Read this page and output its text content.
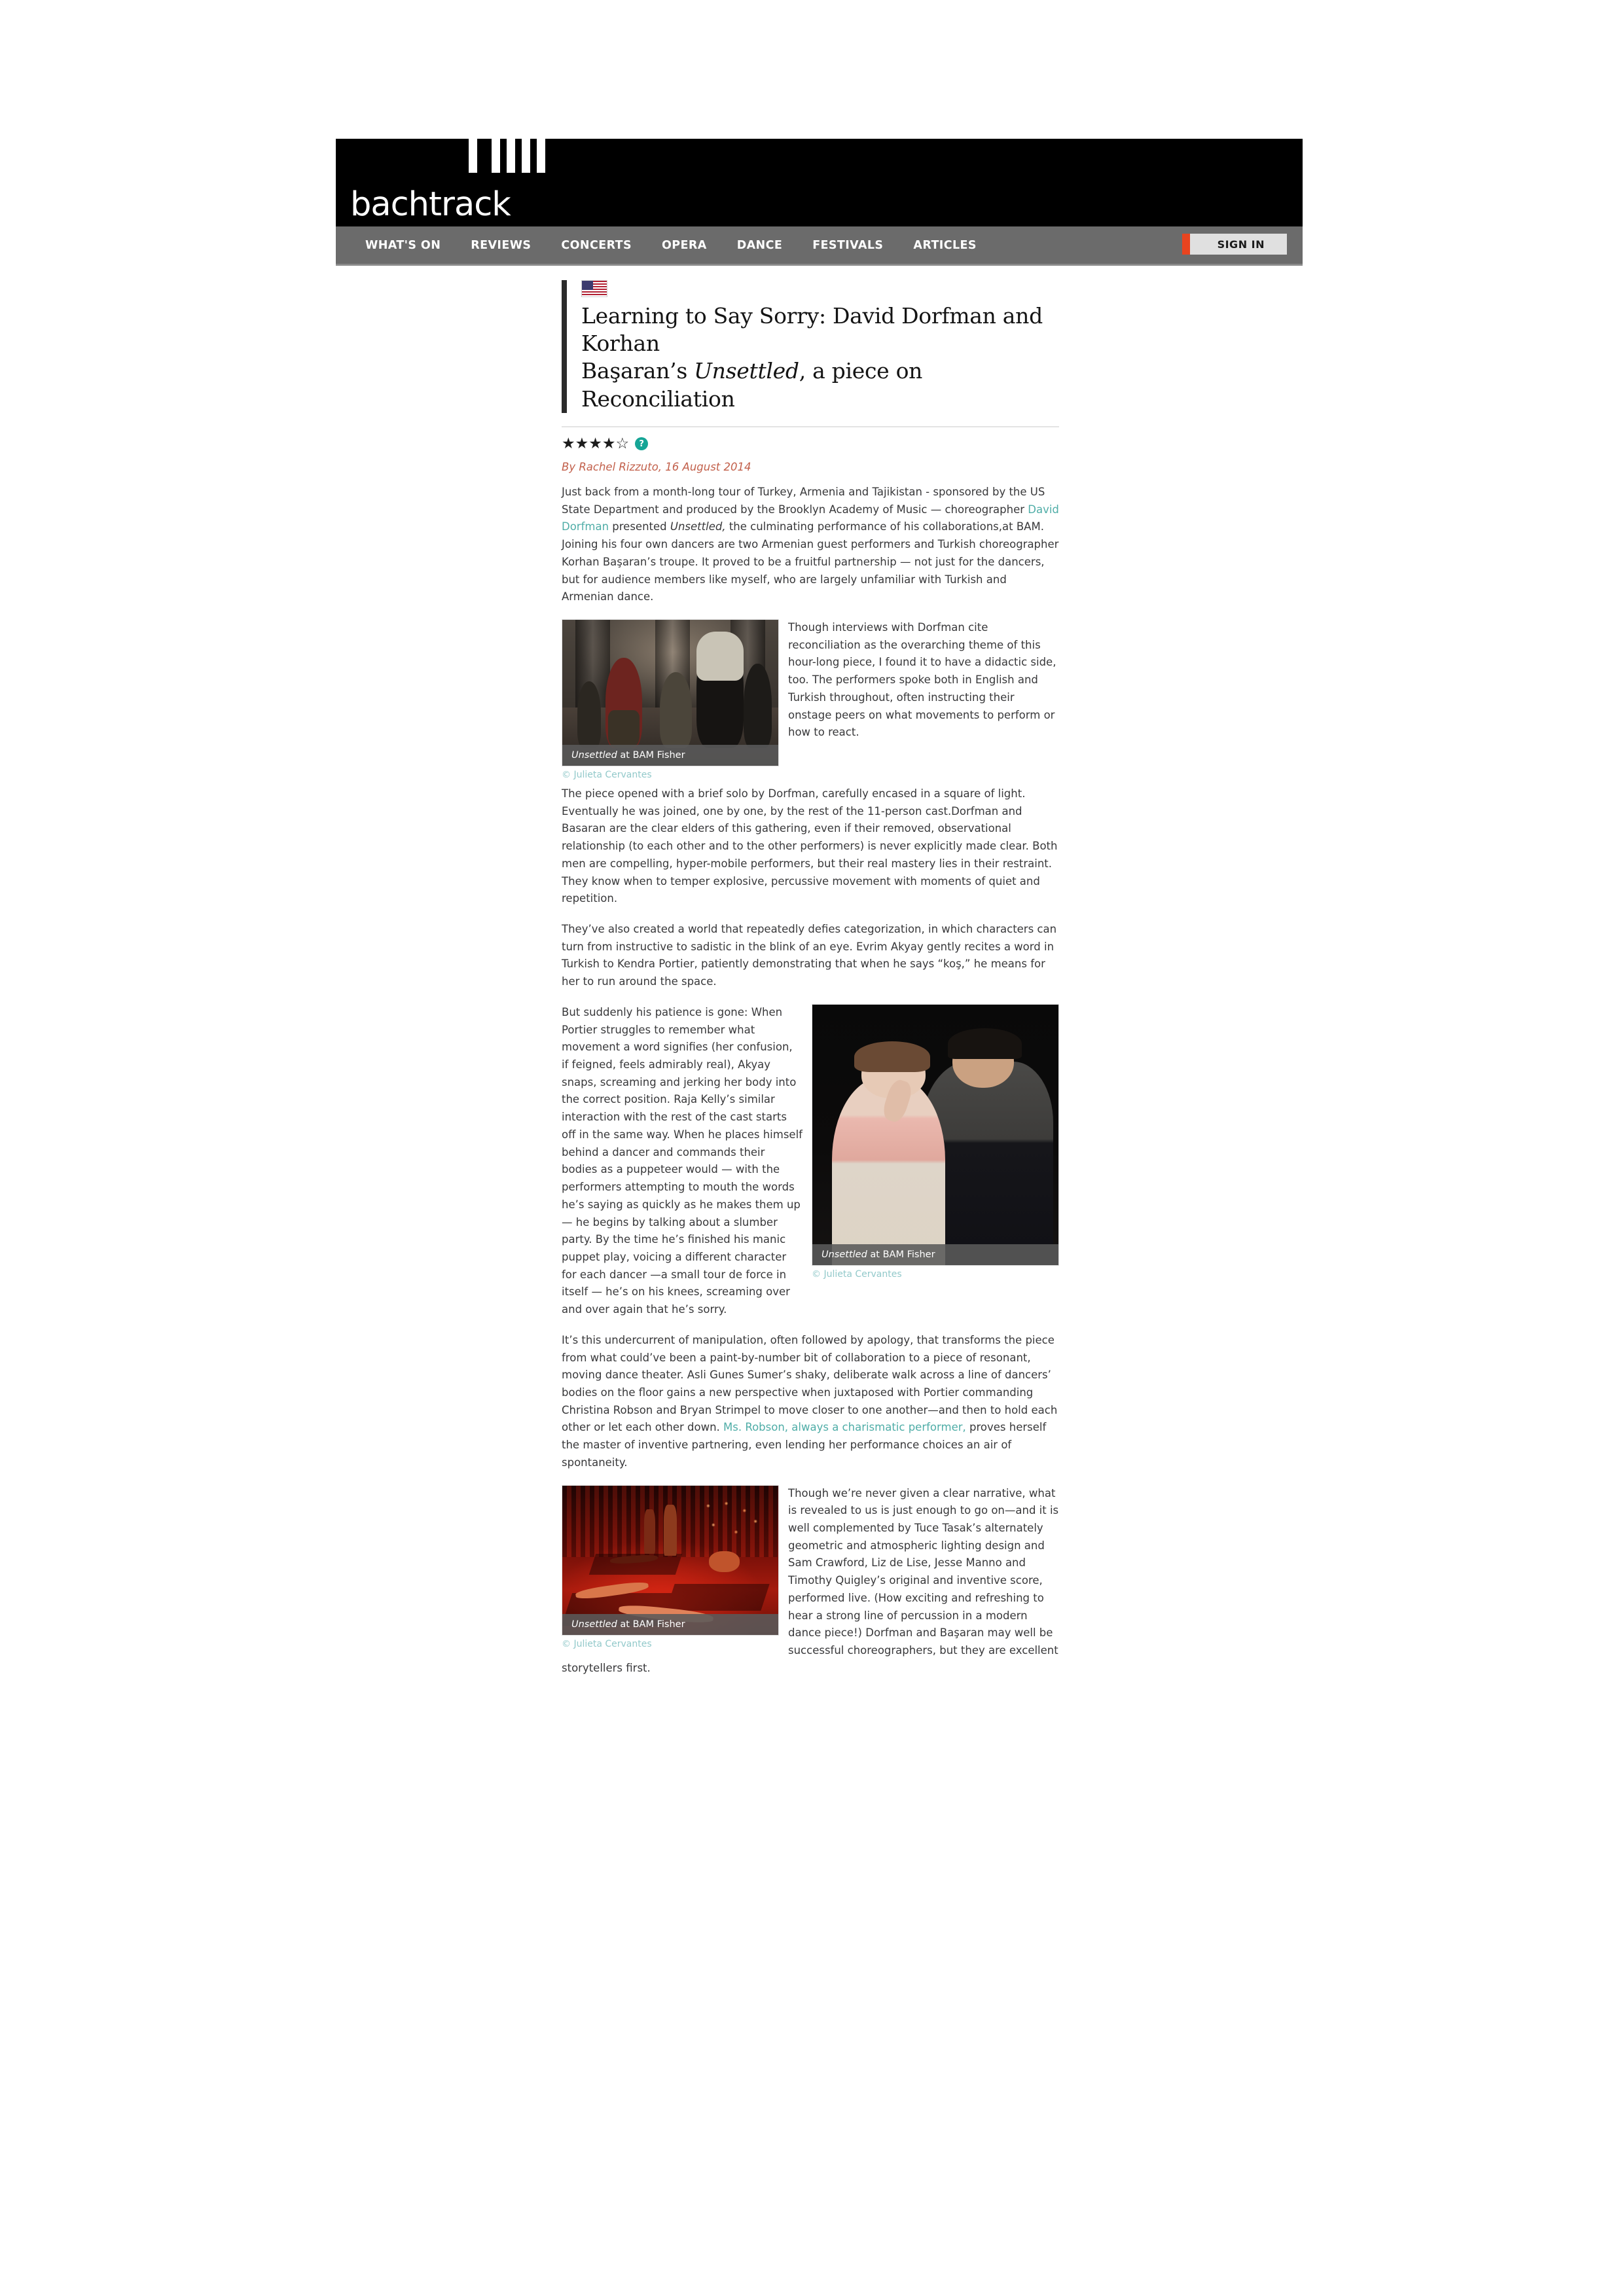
bachtrack
WHAT'S ON	REVIEWS	CONCERTS	OPERA	DANCE	FESTIVALS	ARTICLES	SIGN IN
Learning to Say Sorry: David Dorfman and Korhan
Başaran’s Unsettled, a piece on Reconciliation
★★★★☆	?
By Rachel Rizzuto, 16 August 2014

Just back from a month-long tour of Turkey, Armenia and Tajikistan - sponsored by the US State Department and produced by the Brooklyn Academy of Music — choreographer David Dorfman presented Unsettled, the culminating performance of his collaborations,at BAM. Joining his four own dancers are two Armenian guest performers and Turkish choreographer Korhan Başaran’s troupe. It proved to be a fruitful partnership — not just for the dancers, but for audience members like myself, who are largely unfamiliar with Turkish and Armenian dance.

Unsettled at BAM Fisher
© Julieta Cervantes

Though interviews with Dorfman cite reconciliation as the overarching theme of this hour-long piece, I found it to have a didactic side, too. The performers spoke both in English and Turkish throughout, often instructing their onstage peers on what movements to perform or how to react.

The piece opened with a brief solo by Dorfman, carefully encased in a square of light. Eventually he was joined, one by one, by the rest of the 11-person cast.Dorfman and Basaran are the clear elders of this gathering, even if their removed, observational relationship (to each other and to the other performers) is never explicitly made clear. Both men are compelling, hyper-mobile performers, but their real mastery lies in their restraint. They know when to temper explosive, percussive movement with moments of quiet and repetition.

They’ve also created a world that repeatedly defies categorization, in which characters can turn from instructive to sadistic in the blink of an eye. Evrim Akyay gently recites a word in Turkish to Kendra Portier, patiently demonstrating that when he says “koş,” he means for her to run around the space.

Unsettled at BAM Fisher
© Julieta Cervantes

But suddenly his patience is gone: When Portier struggles to remember what movement a word signifies (her confusion, if feigned, feels admirably real), Akyay snaps, screaming and jerking her body into the correct position. Raja Kelly’s similar interaction with the rest of the cast starts off in the same way. When he places himself behind a dancer and commands their bodies as a puppeteer would — with the performers attempting to mouth the words he’s saying as quickly as he makes them up — he begins by talking about a slumber party. By the time he’s finished his manic puppet play, voicing a different character for each dancer —a small tour de force in itself — he’s on his knees, screaming over and over again that he’s sorry.

It’s this undercurrent of manipulation, often followed by apology, that transforms the piece from what could’ve been a paint-by-number bit of collaboration to a piece of resonant, moving dance theater. Asli Gunes Sumer’s shaky, deliberate walk across a line of dancers’ bodies on the floor gains a new perspective when juxtaposed with Portier commanding Christina Robson and Bryan Strimpel to move closer to one another—and then to hold each other or let each other down. Ms. Robson, always a charismatic performer, proves herself the master of inventive partnering, even lending her performance choices an air of spontaneity.

Unsettled at BAM Fisher
© Julieta Cervantes

Though we’re never given a clear narrative, what is revealed to us is just enough to go on—and it is well complemented by Tuce Tasak’s alternately geometric and atmospheric lighting design and Sam Crawford, Liz de Lise, Jesse Manno and Timothy Quigley’s original and inventive score, performed live. (How exciting and refreshing to hear a strong line of percussion in a modern dance piece!) Dorfman and Başaran may well be successful choreographers, but they are excellent storytellers first.
